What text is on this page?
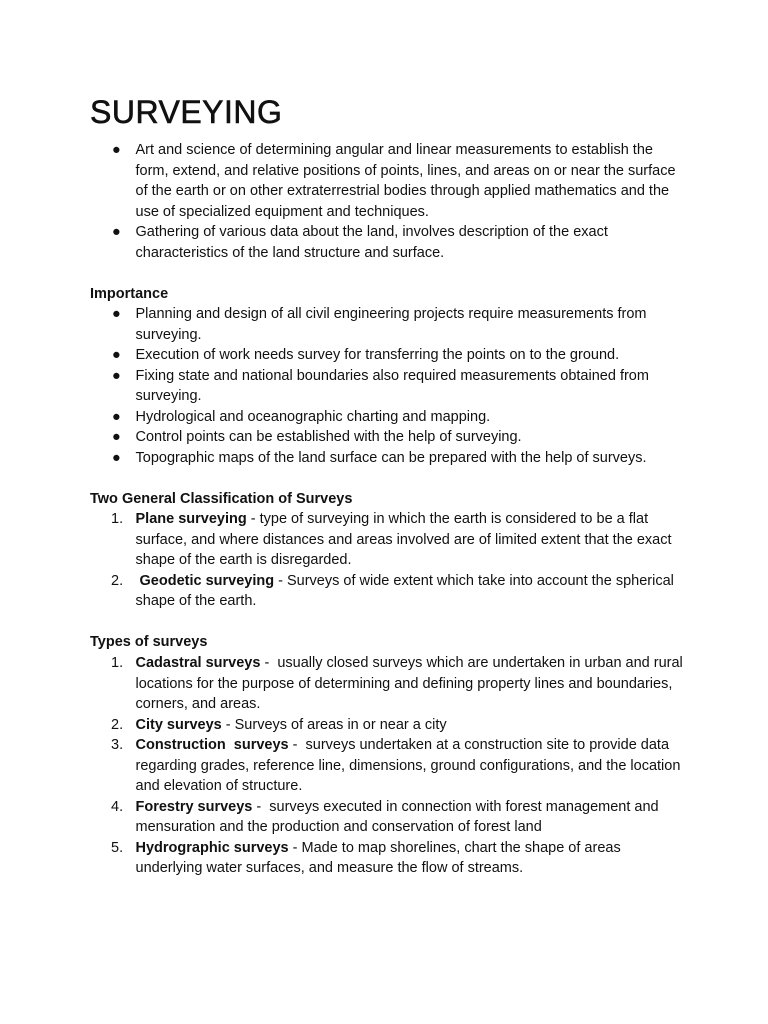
SURVEYING
●	Art and science of determining angular and linear measurements to establish the form, extend, and relative positions of points, lines, and areas on or near the surface of the earth or on other extraterrestrial bodies through applied mathematics and the use of specialized equipment and techniques.
●	Gathering of various data about the land, involves description of the exact characteristics of the land structure and surface.

Importance

●	Planning and design of all civil engineering projects require measurements from surveying.
●	Execution of work needs survey for transferring the points on to the ground.
●	Fixing state and national boundaries also required measurements obtained from surveying.
●	Hydrological and oceanographic charting and mapping.
●	Control points can be established with the help of surveying.
●	Topographic maps of the land surface can be prepared with the help of surveys.

Two General Classification of Surveys

1. Plane surveying - type of surveying in which the earth is considered to be a flat surface, and where distances and areas involved are of limited extent that the exact shape of the earth is disregarded.
2. Geodetic surveying - Surveys of wide extent which take into account the spherical shape of the earth.

Types of surveys

1. Cadastral surveys -  usually closed surveys which are undertaken in urban and rural locations for the purpose of determining and defining property lines and boundaries, corners, and areas.
2. City surveys - Surveys of areas in or near a city
3. Construction  surveys -  surveys undertaken at a construction site to provide data regarding grades, reference line, dimensions, ground configurations, and the location and elevation of structure.
4. Forestry surveys -  surveys executed in connection with forest management and mensuration and the production and conservation of forest land
5. Hydrographic surveys - Made to map shorelines, chart the shape of areas underlying water surfaces, and measure the flow of streams.
